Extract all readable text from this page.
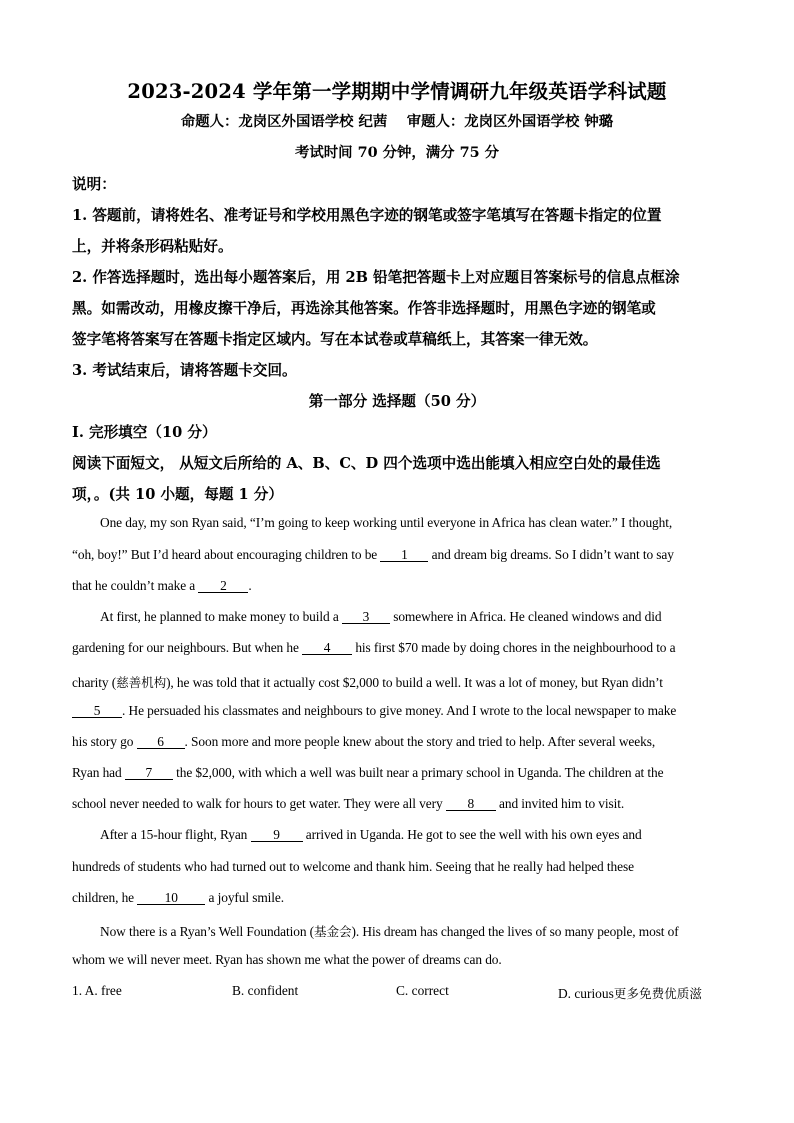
2023-2024 学年第一学期期中学情调研九年级英语学科试题
命题人：龙岗区外国语学校 纪茜　 审题人：龙岗区外国语学校 钟璐
考试时间 70 分钟，满分 75 分
说明：
1. 答题前，请将姓名、准考证号和学校用黑色字迹的钢笔或签字笔填写在答题卡指定的位置
上，并将条形码粘贴好。
2. 作答选择题时，选出每小题答案后，用 2B 铅笔把答题卡上对应题目答案标号的信息点框涂
黑。如需改动，用橡皮擦干净后，再选涂其他答案。作答非选择题时，用黑色字迹的钢笔或
签字笔将答案写在答题卡指定区域内。写在本试卷或草稿纸上，其答案一律无效。
3. 考试结束后，请将答题卡交回。
第一部分 选择题（50 分）
I. 完形填空（10 分）
阅读下面短文， 从短文后所给的 A、B、C、D 四个选项中选出能填入相应空白处的最佳选
项，。(共 10 小题，每题 1 分）
One day, my son Ryan said, “I’m going to keep working until everyone in Africa has clean water.” I thought,
“oh, boy!” But I’d heard about encouraging children to be 1 and dream big dreams. So I didn’t want to say
that he couldn’t make a 2 .
At first, he planned to make money to build a 3 somewhere in Africa. He cleaned windows and did
gardening for our neighbours. But when he 4 his first $70 made by doing chores in the neighbourhood to a
charity (慈善机构), he was told that it actually cost $2,000 to build a well. It was a lot of money, but Ryan didn’t
5 . He persuaded his classmates and neighbours to give money. And I wrote to the local newspaper to make
his story go 6 . Soon more and more people knew about the story and tried to help. After several weeks,
Ryan had 7 the $2,000, with which a well was built near a primary school in Uganda. The children at the
school never needed to walk for hours to get water. They were all very 8 and invited him to visit.
After a 15-hour flight, Ryan 9 arrived in Uganda. He got to see the well with his own eyes and
hundreds of students who had turned out to welcome and thank him. Seeing that he really had helped these
children, he 10 a joyful smile.
Now there is a Ryan’s Well Foundation (基金会). His dream has changed the lives of so many people, most of
whom we will never meet. Ryan has shown me what the power of dreams can do.
1. A. free	B. confident	C. correct	D. curious更多免费优质滋
